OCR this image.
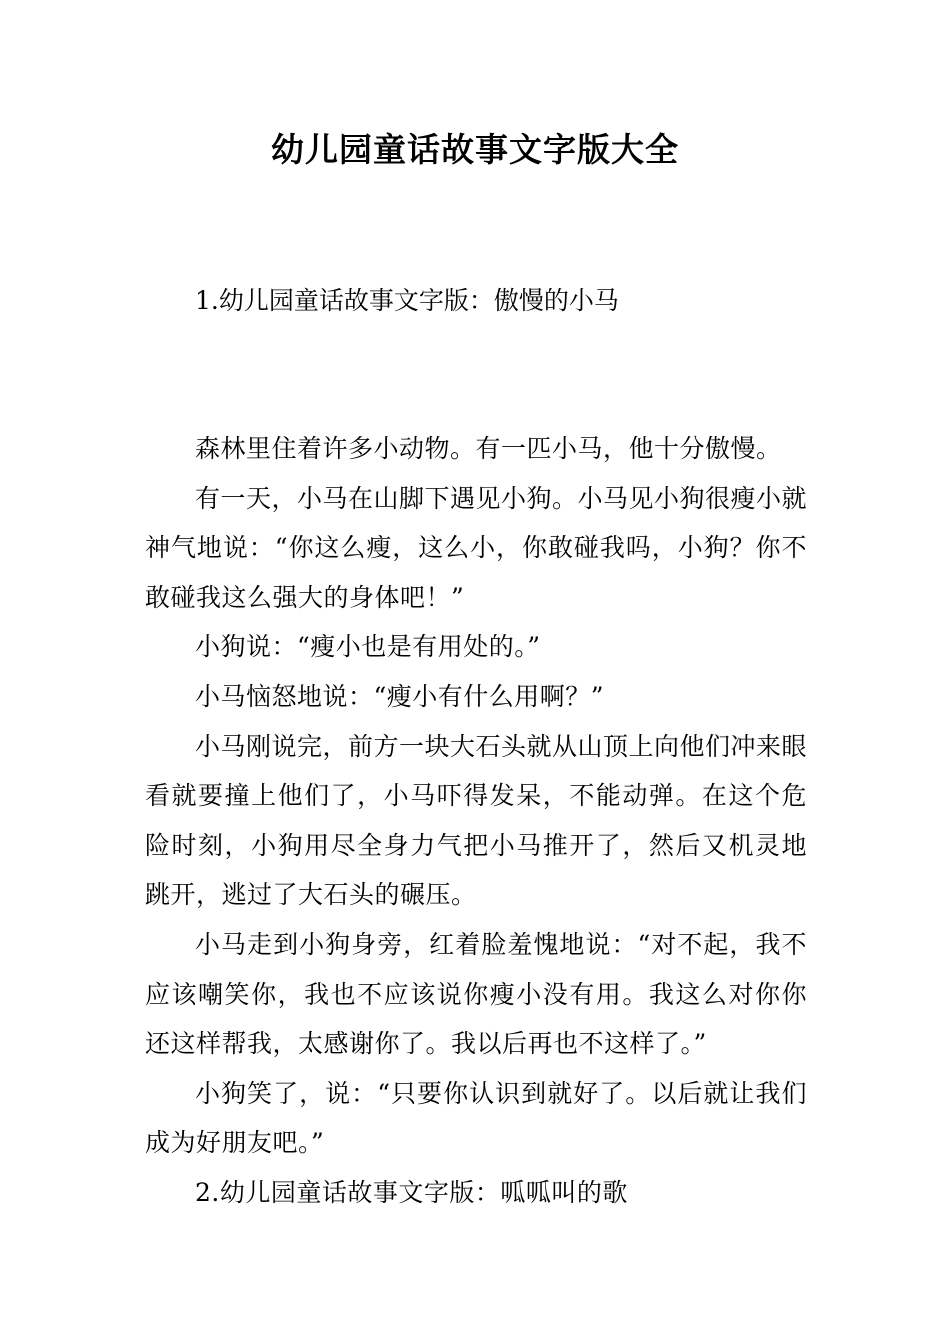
幼儿园童话故事文字版大全
1.幼儿园童话故事文字版：傲慢的小马

森林里住着许多小动物。有一匹小马，他十分傲慢。

有一天，小马在山脚下遇见小狗。小马见小狗很瘦小就神气地说：“你这么瘦，这么小，你敢碰我吗，小狗？你不敢碰我这么强大的身体吧！”

小狗说：“瘦小也是有用处的。”

小马恼怒地说：“瘦小有什么用啊？”

小马刚说完，前方一块大石头就从山顶上向他们冲来眼看就要撞上他们了，小马吓得发呆，不能动弹。在这个危险时刻，小狗用尽全身力气把小马推开了，然后又机灵地跳开，逃过了大石头的碾压。

小马走到小狗身旁，红着脸羞愧地说：“对不起，我不应该嘲笑你，我也不应该说你瘦小没有用。我这么对你你还这样帮我，太感谢你了。我以后再也不这样了。”

小狗笑了，说：“只要你认识到就好了。以后就让我们成为好朋友吧。”

2.幼儿园童话故事文字版：呱呱叫的歌
